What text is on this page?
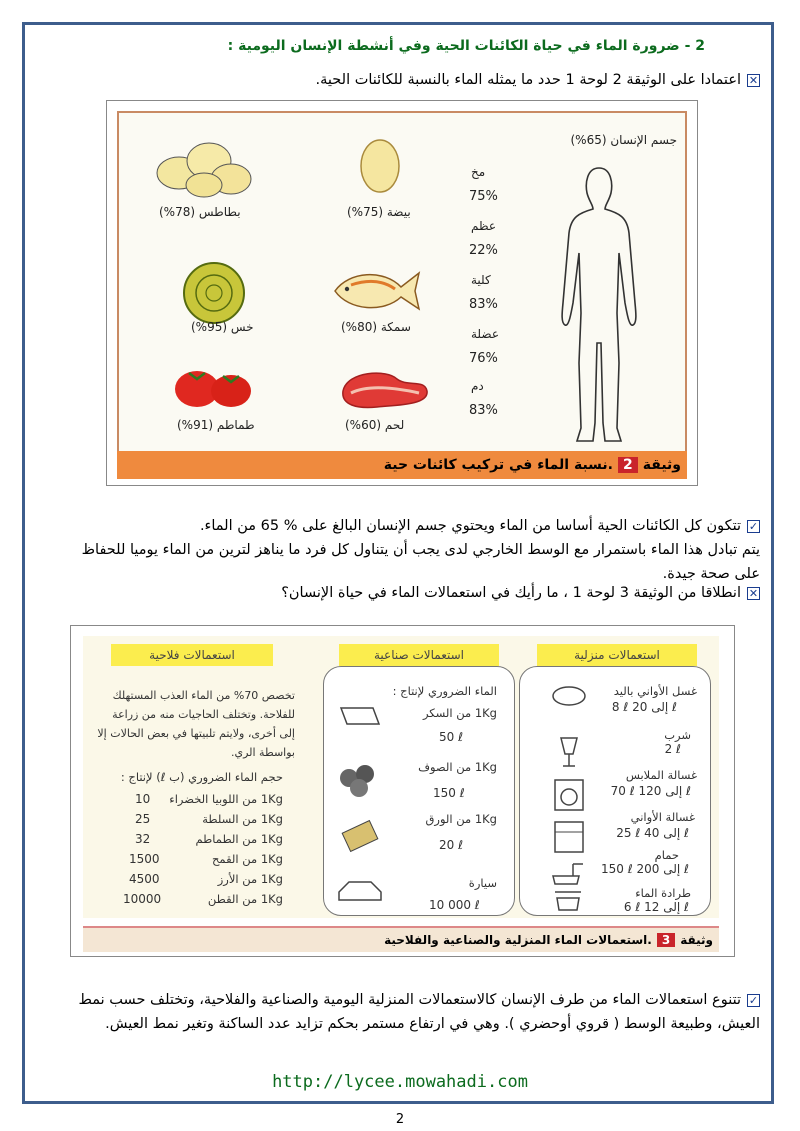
2 - ضرورة الماء في حياة الكائنات الحية وفي أنشطة الإنسان اليومية :
✕اعتمادا على الوثيقة 2 لوحة 1 حدد ما يمثله الماء بالنسبة للكائنات الحية.
جسم الإنسان (65%)
مخ
75%
عظم
22%
كلية
83%
عضلة
76%
دم
83%
بطاطس (78%)	بيضة (75%)
خس (95%)	سمكة (80%)
طماطم (91%)	لحم (60%)
وثيقة
2
نسبة الماء في تركيب كائنات حية.
✓تتكون كل الكائنات الحية أساسا من الماء ويحتوي جسم الإنسان البالغ على % 65 من الماء.
يتم تبادل هذا الماء باستمرار مع الوسط الخارجي لدى يجب أن يتناول كل فرد ما يناهز لترين من الماء يوميا للحفاظ
على صحة جيدة.
✕انطلاقا من الوثيقة 3 لوحة 1 ، ما رأيك في استعمالات الماء في حياة الإنسان؟
استعمالات منزلية
غسل الأواني باليد
8 ℓ إلى 20 ℓ
شرب
2 ℓ
غسالة الملابس
70 ℓ إلى 120 ℓ
غسالة الأواني
25 ℓ إلى 40 ℓ
حمام
150 ℓ إلى 200 ℓ
طرادة الماء
6 ℓ إلى 12 ℓ
استعمالات صناعية
الماء الضروري لإنتاج :
1Kg من السكر
50 ℓ
1Kg من الصوف
150 ℓ
1Kg من الورق
20 ℓ
سيارة
10 000 ℓ
استعمالات فلاحية
تخصص 70% من الماء العذب المستهلك للفلاحة. وتختلف الحاجيات منه من زراعة إلى أخرى، ولايتم تلبيتها في بعض الحالات إلا بواسطة الري.
حجم الماء الضروري (ب ℓ) لإنتاج :
1Kg من اللوبيا الخضراء
10
1Kg من السلطة
25
1Kg من الطماطم
32
1Kg من القمح
1500
1Kg من الأرز
4500
1Kg من القطن
10000
وثيقة
3
استعمالات الماء المنزلية والصناعية والفلاحية.
✓تتنوع استعمالات الماء من طرف الإنسان كالاستعمالات المنزلية اليومية والصناعية والفلاحية، وتختلف حسب نمط
العيش، وطبيعة الوسط ( قروي أوحضري ). وهي في ارتفاع مستمر بحكم تزايد عدد الساكنة وتغير نمط العيش.
http://lycee.mowahadi.com
2
